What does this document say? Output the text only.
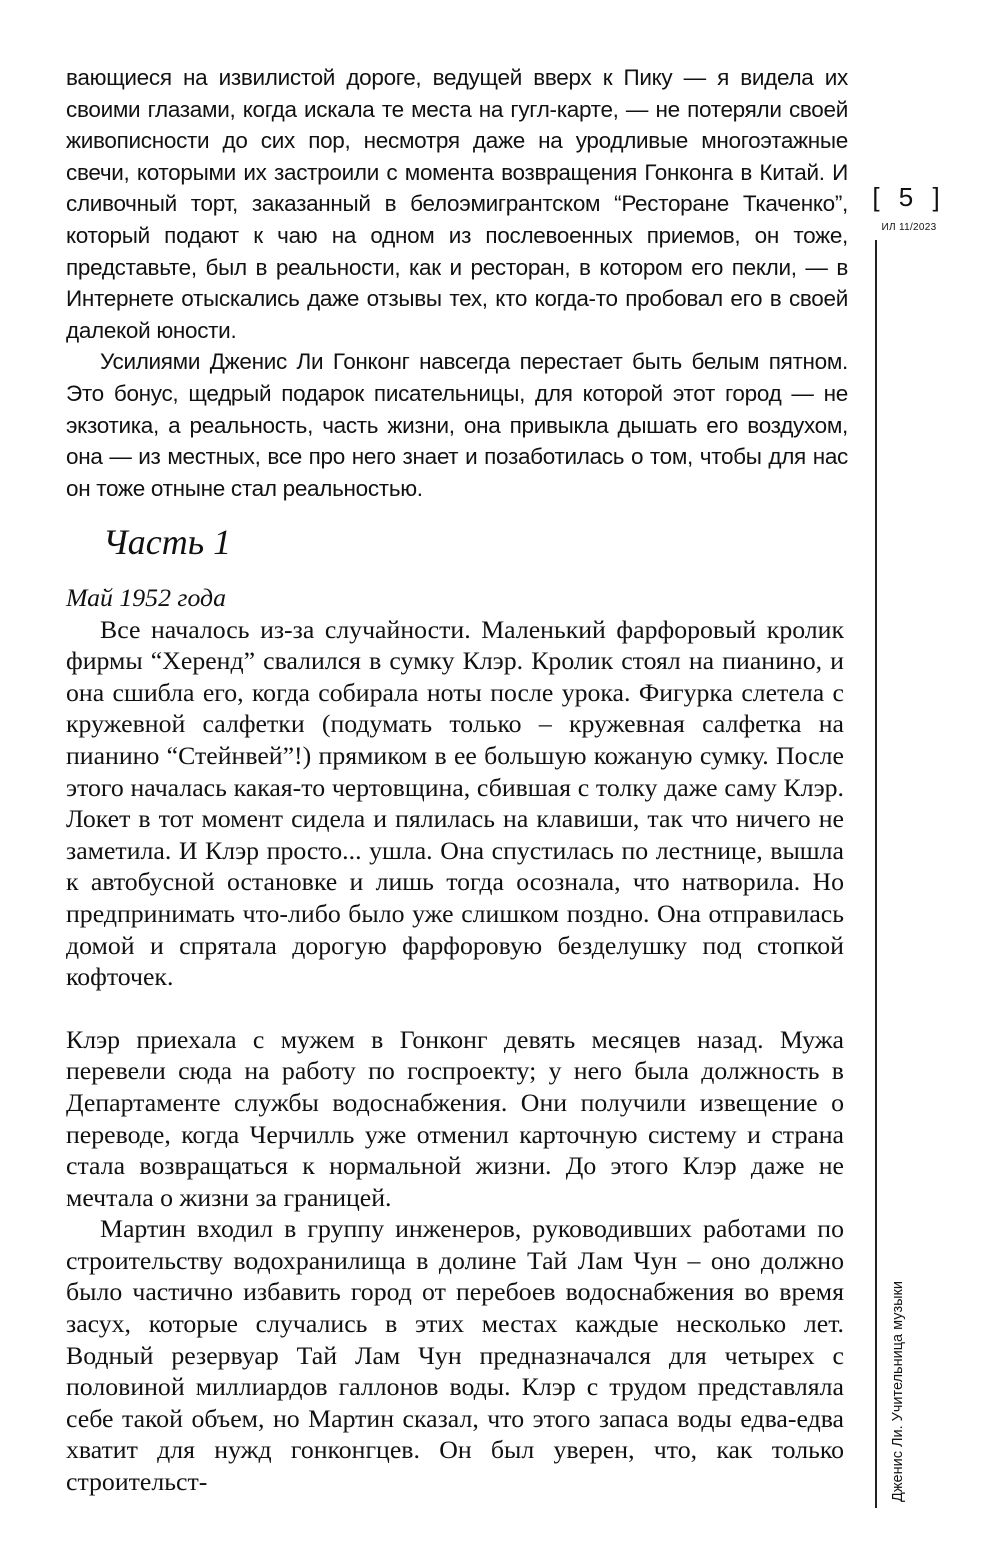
вающиеся на извилистой дороге, ведущей вверх к Пику — я видела их своими глазами, когда искала те места на гугл-карте, — не потеряли своей живописности до сих пор, несмотря даже на уродливые многоэтажные свечи, которыми их застроили с момента возвращения Гонконга в Китай. И сливочный торт, заказанный в белоэмигрантском “Ресторане Ткаченко”, который подают к чаю на одном из послевоенных приемов, он тоже, представьте, был в реальности, как и ресторан, в котором его пекли, — в Интернете отыскались даже отзывы тех, кто когда-то пробовал его в своей далекой юности.

Усилиями Дженис Ли Гонконг навсегда перестает быть белым пятном. Это бонус, щедрый подарок писательницы, для которой этот город — не экзотика, а реальность, часть жизни, она привыкла дышать его воздухом, она — из местных, все про него знает и позаботилась о том, чтобы для нас он тоже отныне стал реальностью.

Часть 1

Май 1952 года

Все началось из-за случайности. Маленький фарфоровый кролик фирмы “Херенд” свалился в сумку Клэр. Кролик стоял на пианино, и она сшибла его, когда собирала ноты после урока. Фигурка слетела с кружевной салфетки (подумать только – кружевная салфетка на пианино “Стейнвей”!) прямиком в ее большую кожаную сумку. После этого началась какая-то чертовщина, сбившая с толку даже саму Клэр. Локет в тот момент сидела и пялилась на клавиши, так что ничего не заметила. И Клэр просто... ушла. Она спустилась по лестнице, вышла к автобусной остановке и лишь тогда осознала, что натворила. Но предпринимать что-либо было уже слишком поздно. Она отправилась домой и спрятала дорогую фарфоровую безделушку под стопкой кофточек.

Клэр приехала с мужем в Гонконг девять месяцев назад. Мужа перевели сюда на работу по госпроекту; у него была должность в Департаменте службы водоснабжения. Они получили извещение о переводе, когда Черчилль уже отменил карточную систему и страна стала возвращаться к нормальной жизни. До этого Клэр даже не мечтала о жизни за границей.

Мартин входил в группу инженеров, руководивших работами по строительству водохранилища в долине Тай Лам Чун – оно должно было частично избавить город от перебоев водоснабжения во время засух, которые случались в этих местах каждые несколько лет. Водный резервуар Тай Лам Чун предназначался для четырех с половиной миллиардов галлонов воды. Клэр с трудом представляла себе такой объем, но Мартин сказал, что этого запаса воды едва-едва хватит для нужд гонконгцев. Он был уверен, что, как только строительст-

[ 5 ]
ИЛ 11/2023
Дженис Ли. Учительница музыки
